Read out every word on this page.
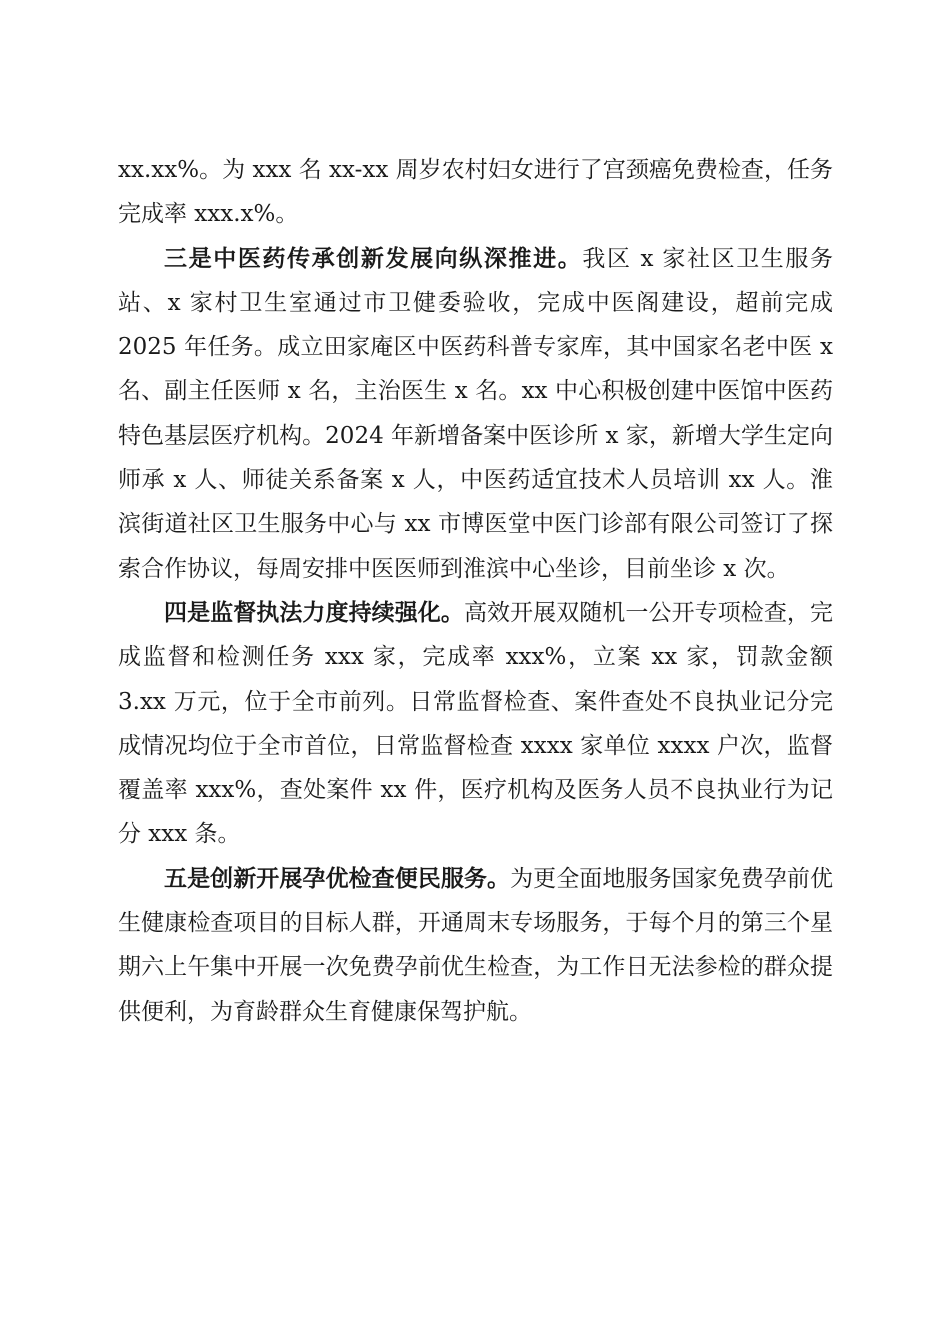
xx.xx%。为 xxx 名 xx-xx 周岁农村妇女进行了宫颈癌免费检查，任务完成率 xxx.x%。

三是中医药传承创新发展向纵深推进。我区 x 家社区卫生服务站、x 家村卫生室通过市卫健委验收，完成中医阁建设，超前完成 2025 年任务。成立田家庵区中医药科普专家库，其中国家名老中医 x 名、副主任医师 x 名，主治医生 x 名。xx 中心积极创建中医馆中医药特色基层医疗机构。2024 年新增备案中医诊所 x 家，新增大学生定向师承 x 人、师徒关系备案 x 人，中医药适宜技术人员培训 xx 人。淮滨街道社区卫生服务中心与 xx 市博医堂中医门诊部有限公司签订了探索合作协议，每周安排中医医师到淮滨中心坐诊，目前坐诊 x 次。

四是监督执法力度持续强化。高效开展双随机一公开专项检查，完成监督和检测任务 xxx 家，完成率 xxx%，立案 xx 家，罚款金额 3.xx 万元，位于全市前列。日常监督检查、案件查处不良执业记分完成情况均位于全市首位，日常监督检查 xxxx 家单位 xxxx 户次，监督覆盖率 xxx%，查处案件 xx 件，医疗机构及医务人员不良执业行为记分 xxx 条。

五是创新开展孕优检查便民服务。为更全面地服务国家免费孕前优生健康检查项目的目标人群，开通周末专场服务，于每个月的第三个星期六上午集中开展一次免费孕前优生检查，为工作日无法参检的群众提供便利，为育龄群众生育健康保驾护航。
